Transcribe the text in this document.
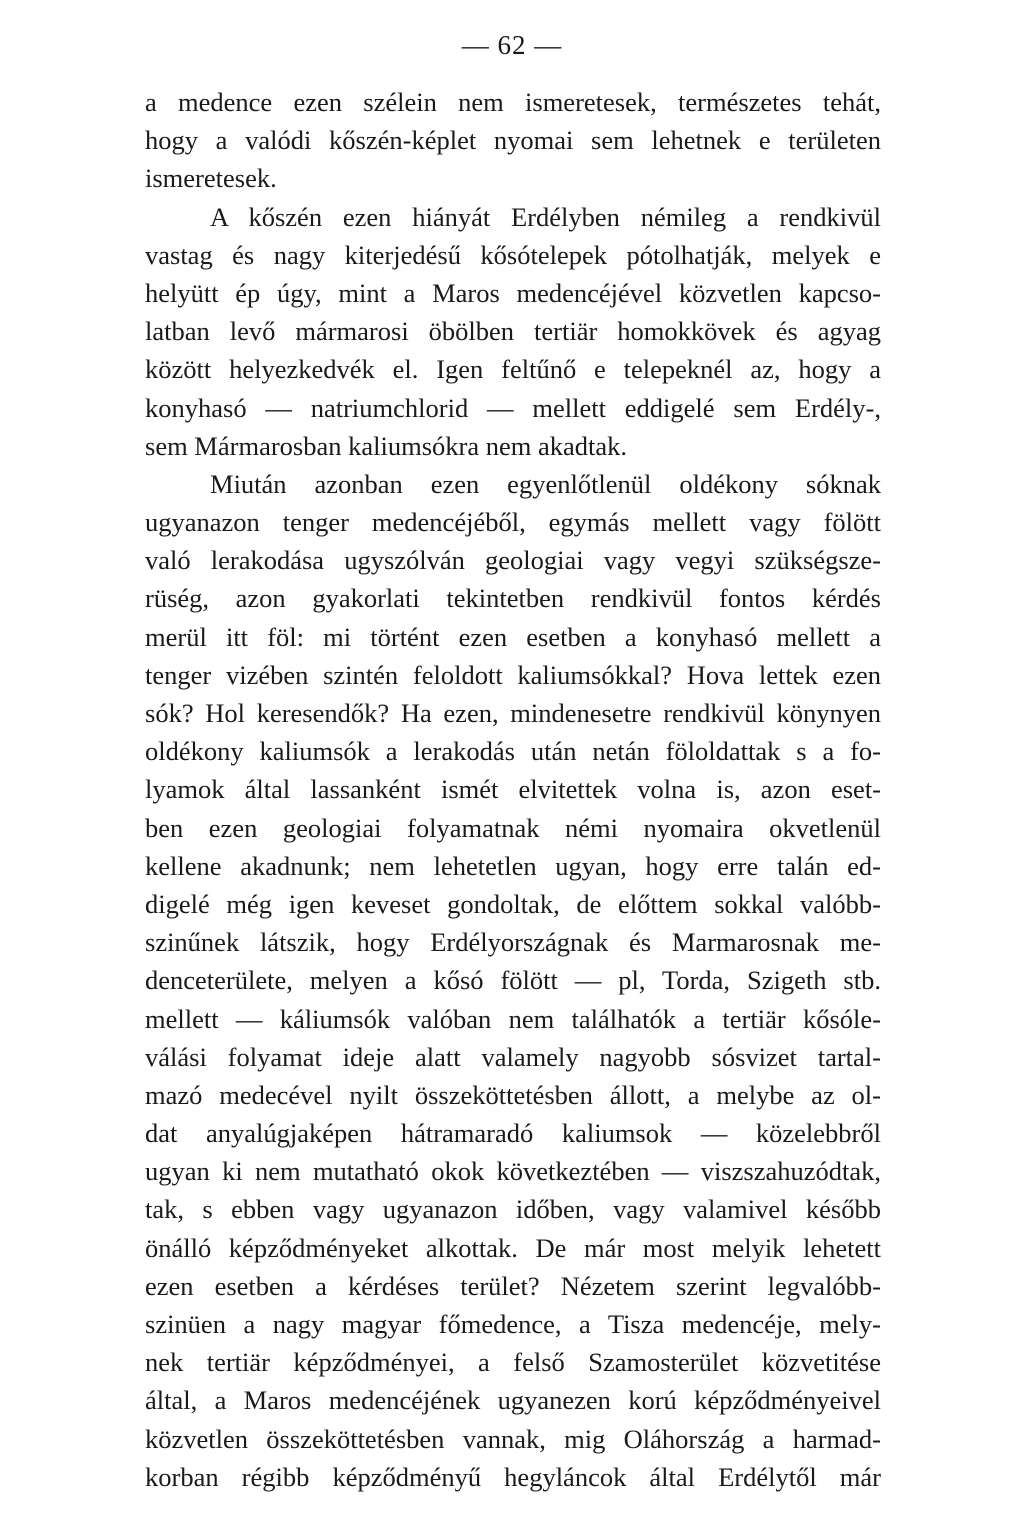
— 62 —
a medence ezen szélein nem ismeretesek, természetes tehát,
hogy a valódi kőszén-képlet nyomai sem lehetnek e területen
ismeretesek.
A kőszén ezen hiányát Erdélyben némileg a rendkivül
vastag és nagy kiterjedésű kősótelepek pótolhatják, melyek e
helyütt ép úgy, mint a Maros medencéjével közvetlen kapcso-
latban levő mármarosi öbölben tertiär homokkövek és agyag
között helyezkedvék el. Igen feltűnő e telepeknél az, hogy a
konyhasó — natriumchlorid — mellett eddigelé sem Erdély-,
sem Mármarosban kaliumsókra nem akadtak.
Miután azonban ezen egyenlőtlenül oldékony sóknak
ugyanazon tenger medencéjéből, egymás mellett vagy fölött
való lerakodása ugyszólván geologiai vagy vegyi szükségsze-
rüség, azon gyakorlati tekintetben rendkivül fontos kérdés
merül itt föl: mi történt ezen esetben a konyhasó mellett a
tenger vizében szintén feloldott kaliumsókkal? Hova lettek ezen
sók? Hol keresendők? Ha ezen, mindenesetre rendkivül könynyen
oldékony kaliumsók a lerakodás után netán föloldattak s a fo-
lyamok által lassanként ismét elvitettek volna is, azon eset-
ben ezen geologiai folyamatnak némi nyomaira okvetlenül
kellene akadnunk; nem lehetetlen ugyan, hogy erre talán ed-
digelé még igen keveset gondoltak, de előttem sokkal valóbb-
szinűnek látszik, hogy Erdélyországnak és Marmarosnak me-
denceterülete, melyen a kősó fölött — pl, Torda, Szigeth stb.
mellett — káliumsók valóban nem találhatók a tertiär kősóle-
válási folyamat ideje alatt valamely nagyobb sósvizet tartal-
mazó medecével nyilt összeköttetésben állott, a melybe az ol-
dat anyalúgjaképen hátramaradó kaliumsok — közelebbről
ugyan ki nem mutatható okok következtében — viszszahuzódtak,
tak, s ebben vagy ugyanazon időben, vagy valamivel később
önálló képződményeket alkottak. De már most melyik lehetett
ezen esetben a kérdéses terület? Nézetem szerint legvalóbb-
szinüen a nagy magyar főmedence, a Tisza medencéje, mely-
nek tertiär képződményei, a felső Szamosterület közvetitése
által, a Maros medencéjének ugyanezen korú képződményeivel
közvetlen összeköttetésben vannak, mig Oláhország a harmad-
korban régibb képződményű hegyláncok által Erdélytől már
